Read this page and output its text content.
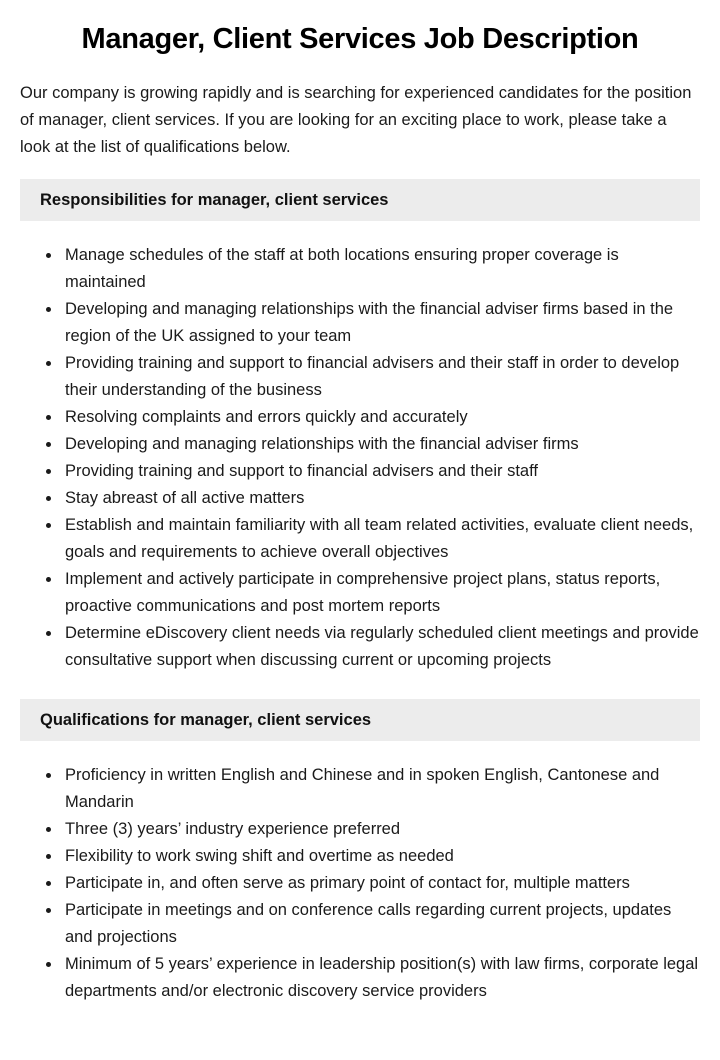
Manager, Client Services Job Description

Our company is growing rapidly and is searching for experienced candidates for the position of manager, client services. If you are looking for an exciting place to work, please take a look at the list of qualifications below.

Responsibilities for manager, client services
• Manage schedules of the staff at both locations ensuring proper coverage is maintained
• Developing and managing relationships with the financial adviser firms based in the region of the UK assigned to your team
• Providing training and support to financial advisers and their staff in order to develop their understanding of the business
• Resolving complaints and errors quickly and accurately
• Developing and managing relationships with the financial adviser firms
• Providing training and support to financial advisers and their staff
• Stay abreast of all active matters
• Establish and maintain familiarity with all team related activities, evaluate client needs, goals and requirements to achieve overall objectives
• Implement and actively participate in comprehensive project plans, status reports, proactive communications and post mortem reports
• Determine eDiscovery client needs via regularly scheduled client meetings and provide consultative support when discussing current or upcoming projects
Qualifications for manager, client services
• Proficiency in written English and Chinese and in spoken English, Cantonese and Mandarin
• Three (3) years’ industry experience preferred
• Flexibility to work swing shift and overtime as needed
• Participate in, and often serve as primary point of contact for, multiple matters
• Participate in meetings and on conference calls regarding current projects, updates and projections
• Minimum of 5 years’ experience in leadership position(s) with law firms, corporate legal departments and/or electronic discovery service providers
